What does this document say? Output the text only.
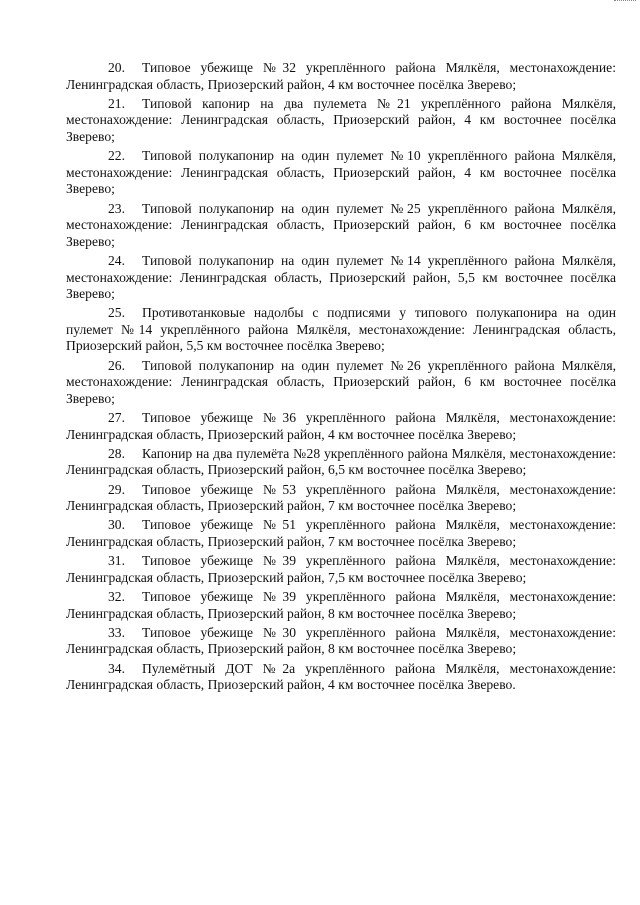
20. Типовое убежище №32 укреплённого района Мялкёля, местонахождение: Ленинградская область, Приозерский район, 4 км восточнее посёлка Зверево;

21. Типовой капонир на два пулемета №21 укреплённого района Мялкёля, местонахождение: Ленинградская область, Приозерский район, 4 км восточнее посёлка Зверево;

22. Типовой полукапонир на один пулемет №10 укреплённого района Мялкёля, местонахождение: Ленинградская область, Приозерский район, 4 км восточнее посёлка Зверево;

23. Типовой полукапонир на один пулемет №25 укреплённого района Мялкёля, местонахождение: Ленинградская область, Приозерский район, 6 км восточнее посёлка Зверево;

24. Типовой полукапонир на один пулемет №14 укреплённого района Мялкёля, местонахождение: Ленинградская область, Приозерский район, 5,5 км восточнее посёлка Зверево;

25. Противотанковые надолбы с подписями у типового полукапонира на один пулемет №14 укреплённого района Мялкёля, местонахождение: Ленинградская область, Приозерский район, 5,5 км восточнее посёлка Зверево;

26. Типовой полукапонир на один пулемет №26 укреплённого района Мялкёля, местонахождение: Ленинградская область, Приозерский район, 6 км восточнее посёлка Зверево;

27. Типовое убежище №36 укреплённого района Мялкёля, местонахождение: Ленинградская область, Приозерский район, 4 км восточнее посёлка Зверево;

28. Капонир на два пулемёта №28 укреплённого района Мялкёля, местонахождение: Ленинградская область, Приозерский район, 6,5 км восточнее посёлка Зверево;

29. Типовое убежище №53 укреплённого района Мялкёля, местонахождение: Ленинградская область, Приозерский район, 7 км восточнее посёлка Зверево;

30. Типовое убежище №51 укреплённого района Мялкёля, местонахождение: Ленинградская область, Приозерский район, 7 км восточнее посёлка Зверево;

31. Типовое убежище №39 укреплённого района Мялкёля, местонахождение: Ленинградская область, Приозерский район, 7,5 км восточнее посёлка Зверево;

32. Типовое убежище №39 укреплённого района Мялкёля, местонахождение: Ленинградская область, Приозерский район, 8 км восточнее посёлка Зверево;

33. Типовое убежище №30 укреплённого района Мялкёля, местонахождение: Ленинградская область, Приозерский район, 8 км восточнее посёлка Зверево;

34. Пулемётный ДОТ №2а укреплённого района Мялкёля, местонахождение: Ленинградская область, Приозерский район, 4 км восточнее посёлка Зверево.
